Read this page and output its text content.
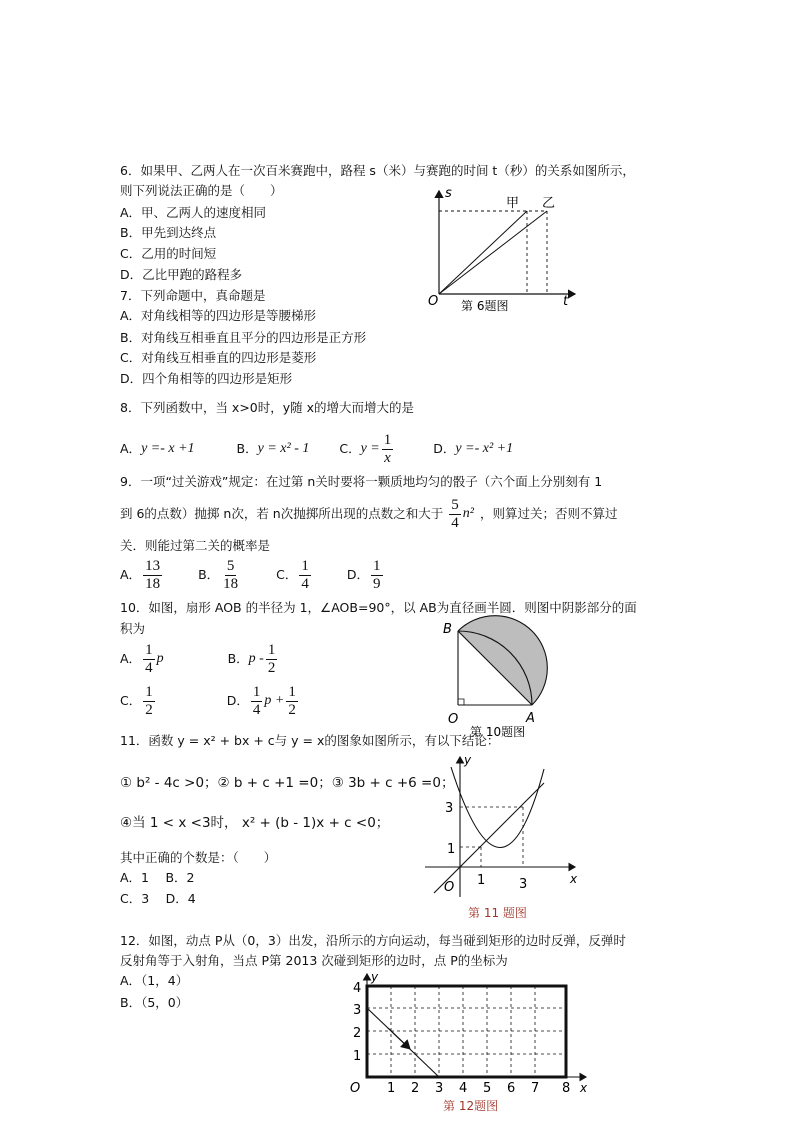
6．如果甲、乙两人在一次百米赛跑中，路程 s（米）与赛跑的时间 t（秒）的关系如图所示，
则下列说法正确的是（　　）
A．甲、乙两人的速度相同
B．甲先到达终点
C．乙用的时间短
D．乙比甲跑的路程多
s
t
O
甲 乙
第 6题图
7．下列命题中，真命题是
A．对角线相等的四边形是等腰梯形
B．对角线互相垂直且平分的四边形是正方形
C．对角线互相垂直的四边形是菱形
D．四个角相等的四边形是矩形
8．下列函数中，当 x>0时，y随 x的增大而增大的是
A． y =- x +1	B． y = x² - 1 C． $y = \frac{1}{x}$	D． y =- x² +1
9．一项“过关游戏”规定：在过第 n关时要将一颗质地均匀的骰子（六个面上分别刻有 1
到 6的点数）抛掷 n次，若 n次抛掷所出现的点数之和大于 $\frac{5}{4} n^2$ ，则算过关；否则不算过
关．则能过第二关的概率是
A． $\frac{13}{18}$	B． $\frac{5}{18}$	C． $\frac{1}{4}$	D． $\frac{1}{9}$
10．如图，扇形 AOB 的半径为 1，∠AOB=90°，以 AB为直径画半圆．则图中阴影部分的面
积为
A． $\frac{1}{4}$ p	B． p - $\frac{1}{2}$
C． $\frac{1}{2}$	D． $\frac{1}{4}$ $p + \frac{1}{2}$
B
O	A
第 10题图
11．函数 y = x² + bx + c与 y = x的图象如图所示，有以下结论：
① b² - 4c >0；② b + c +1 =0；③ 3b + c +6 =0；
④当 1 < x <3时， x² + (b - 1)x + c <0；
其中正确的个数是：（　　）
A．1　 B．2
C．3　 D．4
y
x
O
3
1
1	3
第 11 题图
12．如图，动点 P从（0，3）出发，沿所示的方向运动，每当碰到矩形的边时反弹，反弹时
反射角等于入射角，当点 P第 2013 次碰到矩形的边时，点 P的坐标为
A．（1，4）
B．（5，0）
y
x
O 1 2 3 4 5 6 7 8
1
2
3
4
第 12题图
